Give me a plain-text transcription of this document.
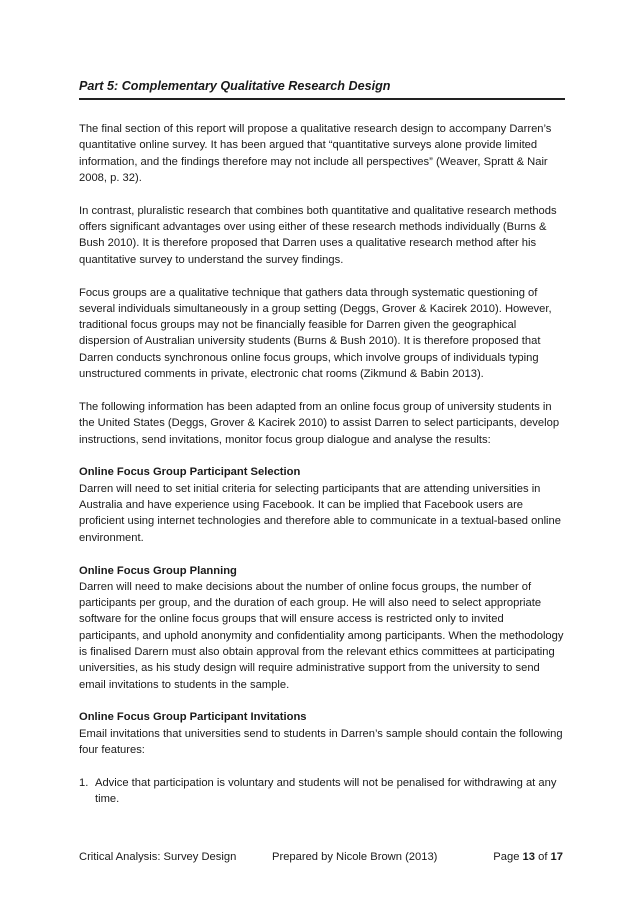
Part 5: Complementary Qualitative Research Design

The final section of this report will propose a qualitative research design to accompany Darren’s quantitative online survey. It has been argued that “quantitative surveys alone provide limited information, and the findings therefore may not include all perspectives” (Weaver, Spratt & Nair 2008, p. 32).

In contrast, pluralistic research that combines both quantitative and qualitative research methods offers significant advantages over using either of these research methods individually (Burns & Bush 2010). It is therefore proposed that Darren uses a qualitative research method after his quantitative survey to understand the survey findings.

Focus groups are a qualitative technique that gathers data through systematic questioning of several individuals simultaneously in a group setting (Deggs, Grover & Kacirek 2010). However, traditional focus groups may not be financially feasible for Darren given the geographical dispersion of Australian university students (Burns & Bush 2010). It is therefore proposed that Darren conducts synchronous online focus groups, which involve groups of individuals typing unstructured comments in private, electronic chat rooms (Zikmund & Babin 2013).

The following information has been adapted from an online focus group of university students in the United States (Deggs, Grover & Kacirek 2010) to assist Darren to select participants, develop instructions, send invitations, monitor focus group dialogue and analyse the results:

Online Focus Group Participant Selection

Darren will need to set initial criteria for selecting participants that are attending universities in Australia and have experience using Facebook. It can be implied that Facebook users are proficient using internet technologies and therefore able to communicate in a textual-based online environment.

Online Focus Group Planning

Darren will need to make decisions about the number of online focus groups, the number of participants per group, and the duration of each group. He will also need to select appropriate software for the online focus groups that will ensure access is restricted only to invited participants, and uphold anonymity and confidentiality among participants. When the methodology is finalised Darern must also obtain approval from the relevant ethics committees at participating universities, as his study design will require administrative support from the university to send email invitations to students in the sample.

Online Focus Group Participant Invitations

Email invitations that universities send to students in Darren’s sample should contain the following four features:

1. Advice that participation is voluntary and students will not be penalised for withdrawing at any time.
Critical Analysis: Survey Design	Prepared by Nicole Brown (2013)	Page 13 of 17
